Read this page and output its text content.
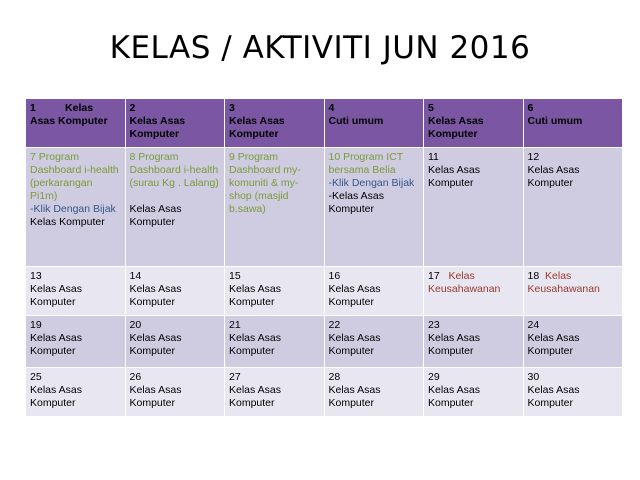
KELAS / AKTIVITI JUN 2016
1 Kelas
Asas Komputer	2
Kelas Asas
Komputer	3
Kelas Asas
Komputer	4
Cuti umum	5
Kelas Asas
Komputer	6
Cuti umum
7 Program Dashboard i-health (perkarangan Pi1m)
-Klik Dengan Bijak
Kelas Komputer	8 Program Dashboard i-health (surau Kg . Lalang)
Kelas Asas
Komputer	9 Program Dashboard my-komuniti & my-shop (masjid b.sawa)	10 Program ICT bersama Belia
-Klik Dengan Bijak
-Kelas Asas Komputer	11
Kelas Asas
Komputer	12
Kelas Asas
Komputer
13
Kelas Asas
Komputer	14
Kelas Asas
Komputer	15
Kelas Asas
Komputer	16
Kelas Asas
Komputer	17 Kelas Keusahawanan	18 Kelas Keusahawanan
19
Kelas Asas
Komputer	20
Kelas Asas
Komputer	21
Kelas Asas
Komputer	22
Kelas Asas
Komputer	23
Kelas Asas
Komputer	24
Kelas Asas
Komputer
25
Kelas Asas
Komputer	26
Kelas Asas
Komputer	27
Kelas Asas
Komputer	28
Kelas Asas
Komputer	29
Kelas Asas
Komputer	30
Kelas Asas
Komputer
